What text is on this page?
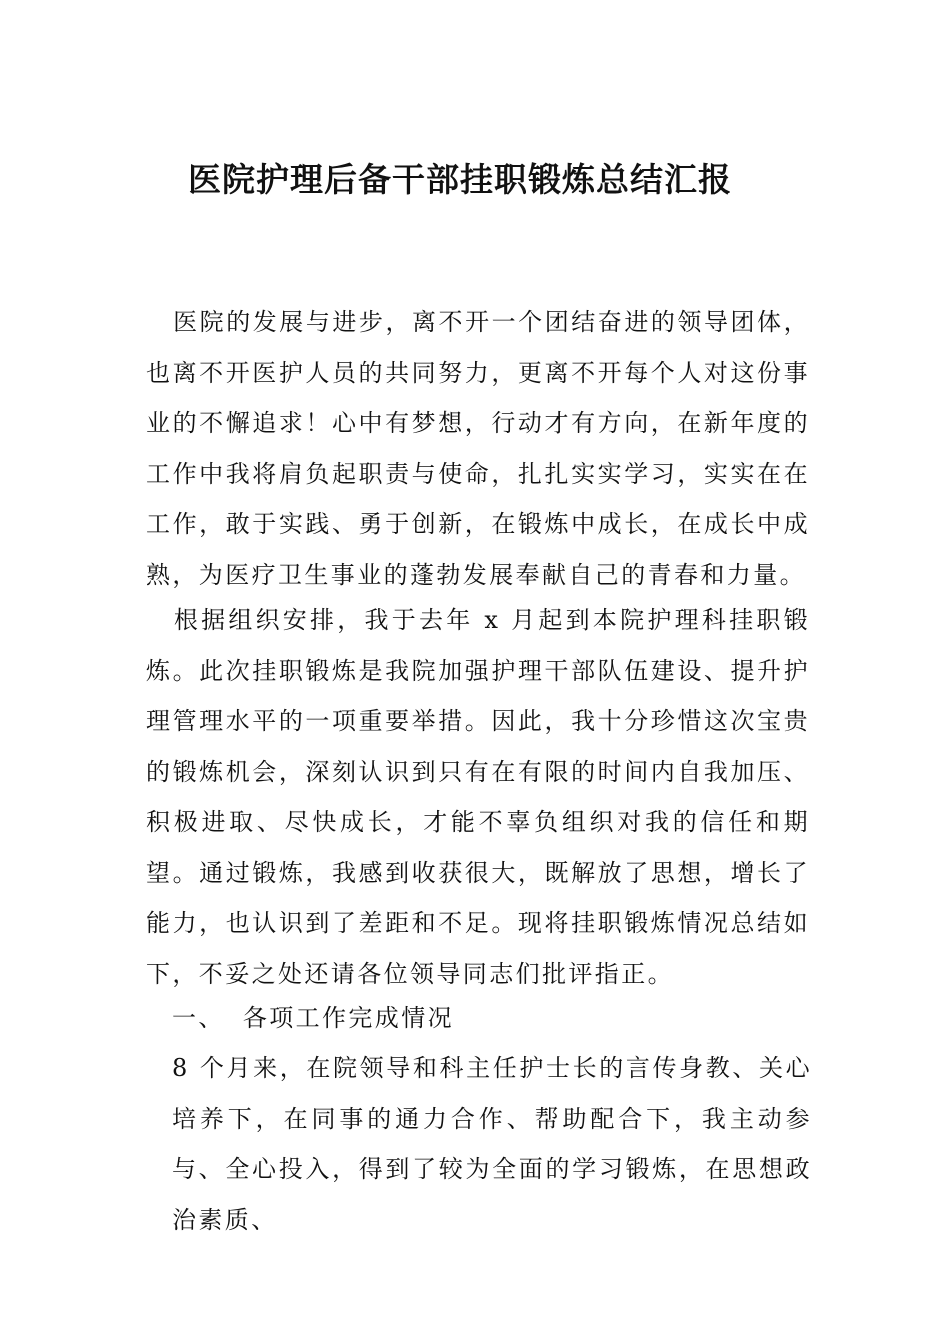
医院护理后备干部挂职锻炼总结汇报
医院的发展与进步，离不开一个团结奋进的领导团体，也离不开医护人员的共同努力，更离不开每个人对这份事业的不懈追求！心中有梦想，行动才有方向，在新年度的工作中我将肩负起职责与使命，扎扎实实学习，实实在在工作，敢于实践、勇于创新，在锻炼中成长，在成长中成熟，为医疗卫生事业的蓬勃发展奉献自己的青春和力量。
根据组织安排，我于去年 x 月起到本院护理科挂职锻炼。此次挂职锻炼是我院加强护理干部队伍建设、提升护理管理水平的一项重要举措。因此，我十分珍惜这次宝贵的锻炼机会，深刻认识到只有在有限的时间内自我加压、积极进取、尽快成长，才能不辜负组织对我的信任和期望。通过锻炼，我感到收获很大，既解放了思想，增长了能力，也认识到了差距和不足。现将挂职锻炼情况总结如下，不妥之处还请各位领导同志们批评指正。
一、 各项工作完成情况
8 个月来，在院领导和科主任护士长的言传身教、关心培养下，在同事的通力合作、帮助配合下，我主动参与、全心投入，得到了较为全面的学习锻炼，在思想政治素质、
